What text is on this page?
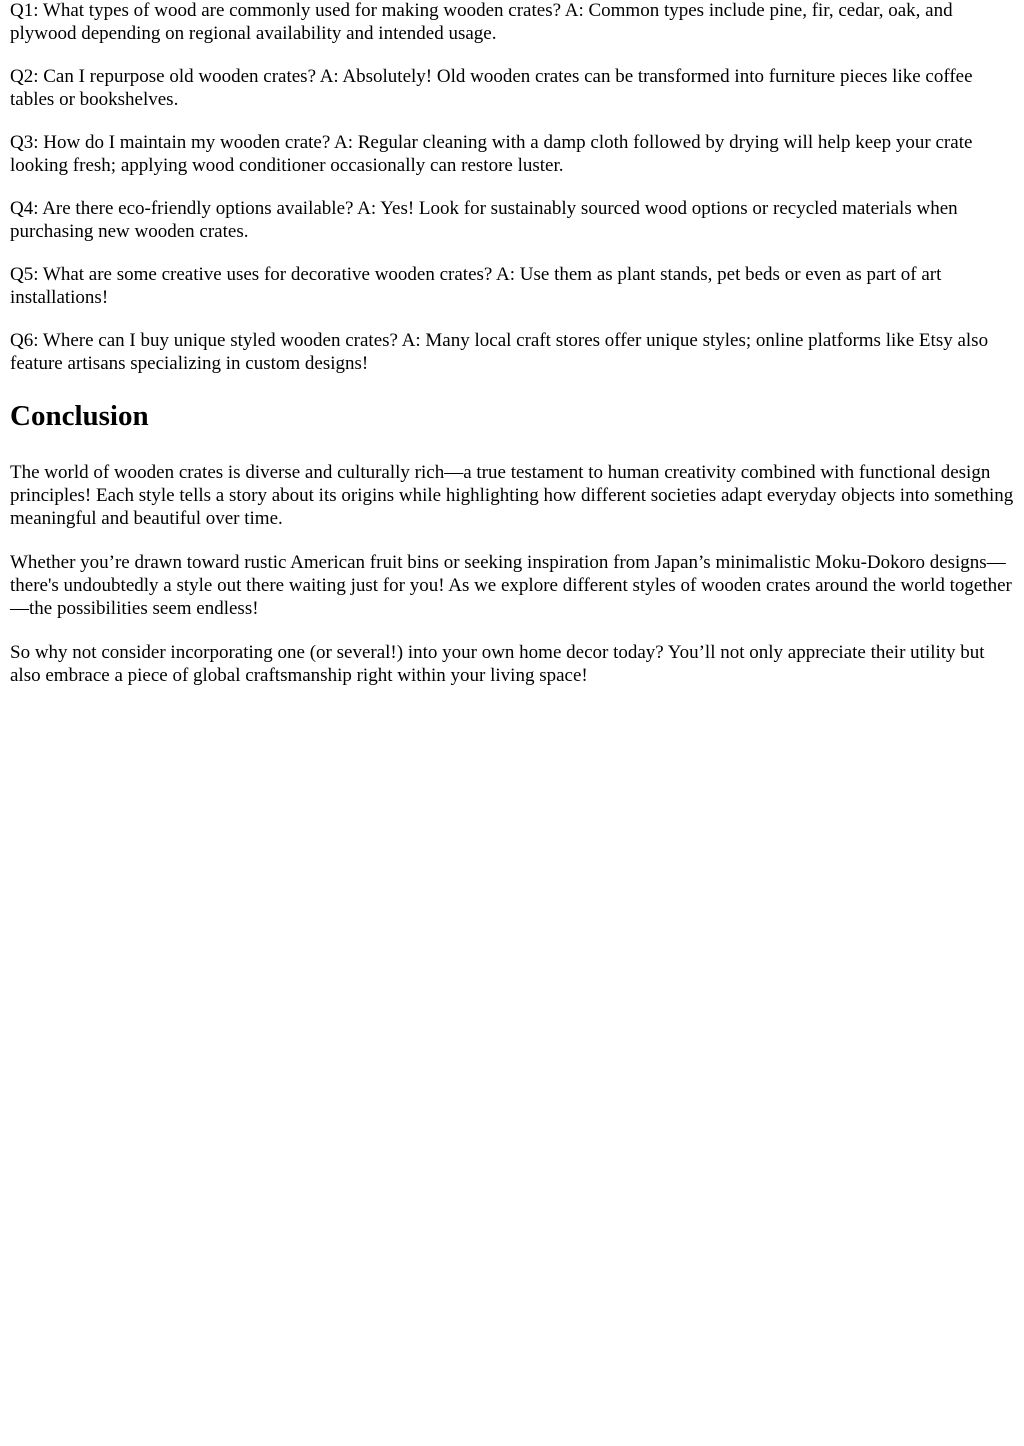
Q1: What types of wood are commonly used for making wooden crates? A: Common types include pine, fir, cedar, oak, and plywood depending on regional availability and intended usage.

Q2: Can I repurpose old wooden crates? A: Absolutely! Old wooden crates can be transformed into furniture pieces like coffee tables or bookshelves.

Q3: How do I maintain my wooden crate? A: Regular cleaning with a damp cloth followed by drying will help keep your crate looking fresh; applying wood conditioner occasionally can restore luster.

Q4: Are there eco-friendly options available? A: Yes! Look for sustainably sourced wood options or recycled materials when purchasing new wooden crates.

Q5: What are some creative uses for decorative wooden crates? A: Use them as plant stands, pet beds or even as part of art installations!

Q6: Where can I buy unique styled wooden crates? A: Many local craft stores offer unique styles; online platforms like Etsy also feature artisans specializing in custom designs!

Conclusion

The world of wooden crates is diverse and culturally rich—a true testament to human creativity combined with functional design principles! Each style tells a story about its origins while highlighting how different societies adapt everyday objects into something meaningful and beautiful over time.

Whether you’re drawn toward rustic American fruit bins or seeking inspiration from Japan’s minimalistic Moku-Dokoro designs—there's undoubtedly a style out there waiting just for you! As we explore different styles of wooden crates around the world together—the possibilities seem endless!

So why not consider incorporating one (or several!) into your own home decor today? You’ll not only appreciate their utility but also embrace a piece of global craftsmanship right within your living space!
